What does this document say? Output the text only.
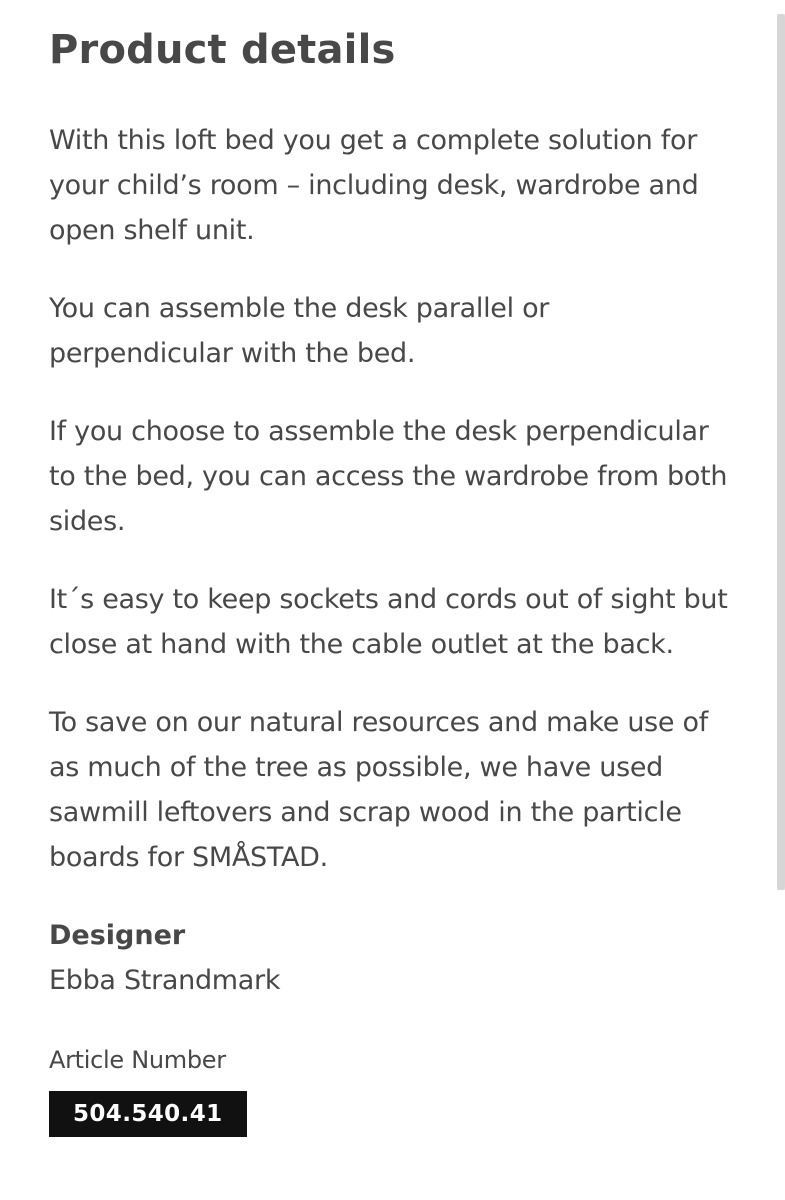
Product details

With this loft bed you get a complete solution for your child’s room – including desk, wardrobe and open shelf unit.

You can assemble the desk parallel or perpendicular with the bed.

If you choose to assemble the desk perpendicular to the bed, you can access the wardrobe from both sides.

It´s easy to keep sockets and cords out of sight but close at hand with the cable outlet at the back.

To save on our natural resources and make use of as much of the tree as possible, we have used sawmill leftovers and scrap wood in the particle boards for SMÅSTAD.

Designer

Ebba Strandmark

Article Number

504.540.41
